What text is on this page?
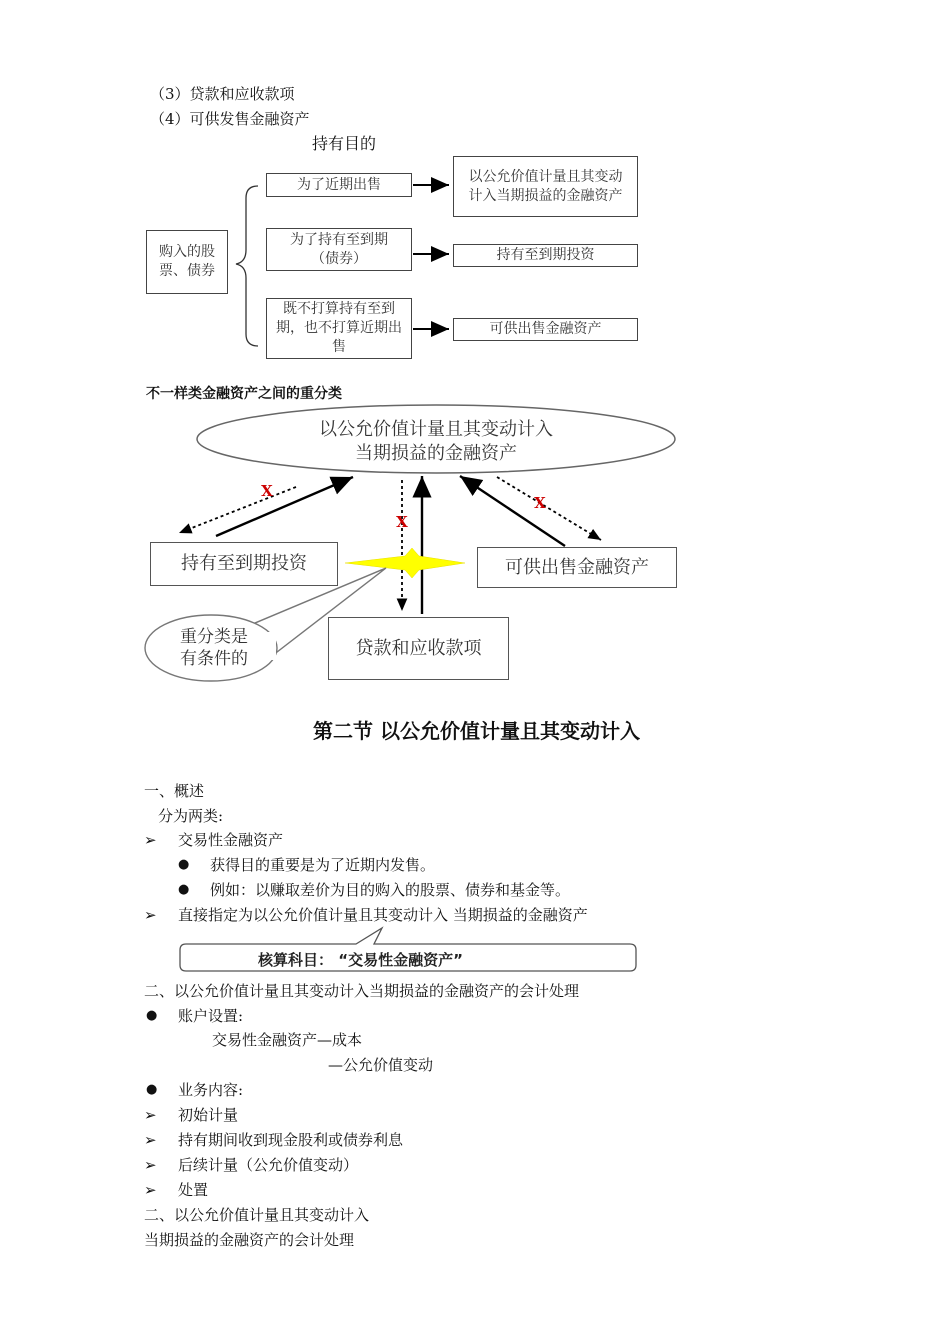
（3）贷款和应收款项
（4）可供发售金融资产
持有目的
购入的股票、债券
为了近期出售
为了持有至到期（债券）
既不打算持有至到期，也不打算近期出售
以公允价值计量且其变动计入当期损益的金融资产
持有至到期投资
可供出售金融资产
不一样类金融资产之间的重分类
以公允价值计量且其变动计入当期损益的金融资产
持有至到期投资	可供出售金融资产
贷款和应收款项
重分类是有条件的
X
X
X
第二节 以公允价值计量且其变动计入
一、概述
分为两类:
➢ 交易性金融资产
● 获得目的重要是为了近期内发售。
● 例如：以赚取差价为目的购入的股票、债券和基金等。
➢ 直接指定为以公允价值计量且其变动计入 当期损益的金融资产
核算科目： “交易性金融资产”
二、以公允价值计量且其变动计入当期损益的金融资产的会计处理
● 账户设置:
交易性金融资产—成本
—公允价值变动
● 业务内容:
➢ 初始计量
➢ 持有期间收到现金股利或债券利息
➢ 后续计量（公允价值变动）
➢ 处置
二、以公允价值计量且其变动计入
当期损益的金融资产的会计处理
